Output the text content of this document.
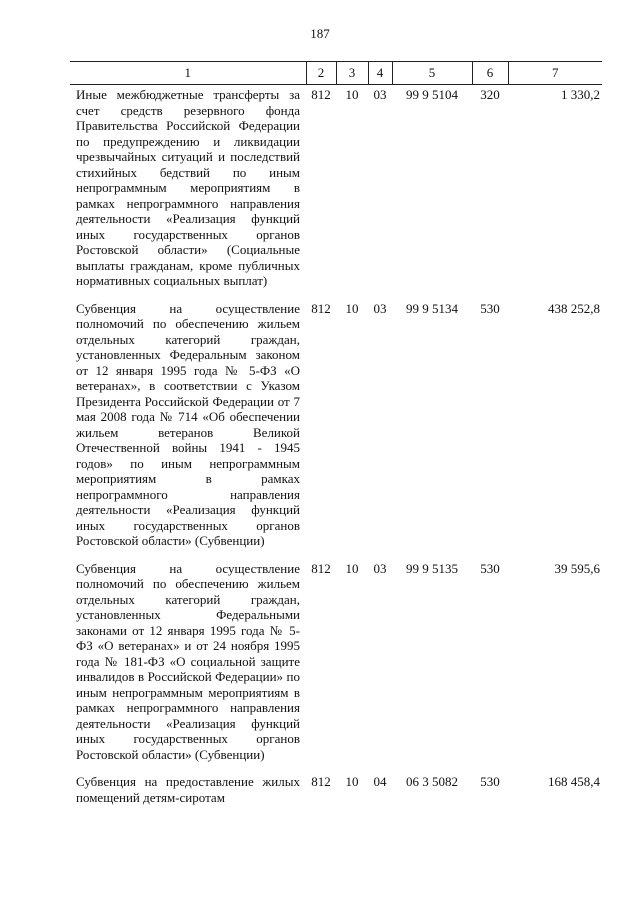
187
1	2	3	4	5	6	7
Иные межбюджетные трансферты за счет средств резервного фонда Правительства Российской Федерации по предупреждению и ликвидации чрезвычайных ситуаций и последствий стихийных бедствий по иным непрограммным мероприятиям в рамках непрограммного направления деятельности «Реализация функций иных государственных органов Ростовской области» (Социальные выплаты гражданам, кроме публичных нормативных социальных выплат)	812	10	03	99 9 5104	320	1 330,2
Субвенция на осуществление полномочий по обеспечению жильем отдельных категорий граждан, установленных Федеральным законом от 12 января 1995 года № 5-ФЗ «О ветеранах», в соответствии с Указом Президента Российской Федерации от 7 мая 2008 года № 714 «Об обеспечении жильем ветеранов Великой Отечественной войны 1941 - 1945 годов» по иным непрограммным мероприятиям в рамках непрограммного направления деятельности «Реализация функций иных государственных органов Ростовской области» (Субвенции)	812	10	03	99 9 5134	530	438 252,8
Субвенция на осуществление полномочий по обеспечению жильем отдельных категорий граждан, установленных Федеральными законами от 12 января 1995 года № 5-ФЗ «О ветеранах» и от 24 ноября 1995 года № 181-ФЗ «О социальной защите инвалидов в Российской Федерации» по иным непрограммным мероприятиям в рамках непрограммного направления деятельности «Реализация функций иных государственных органов Ростовской области» (Субвенции)	812	10	03	99 9 5135	530	39 595,6
Субвенция на предоставление жилых помещений детям-сиротам	812	10	04	06 3 5082	530	168 458,4
